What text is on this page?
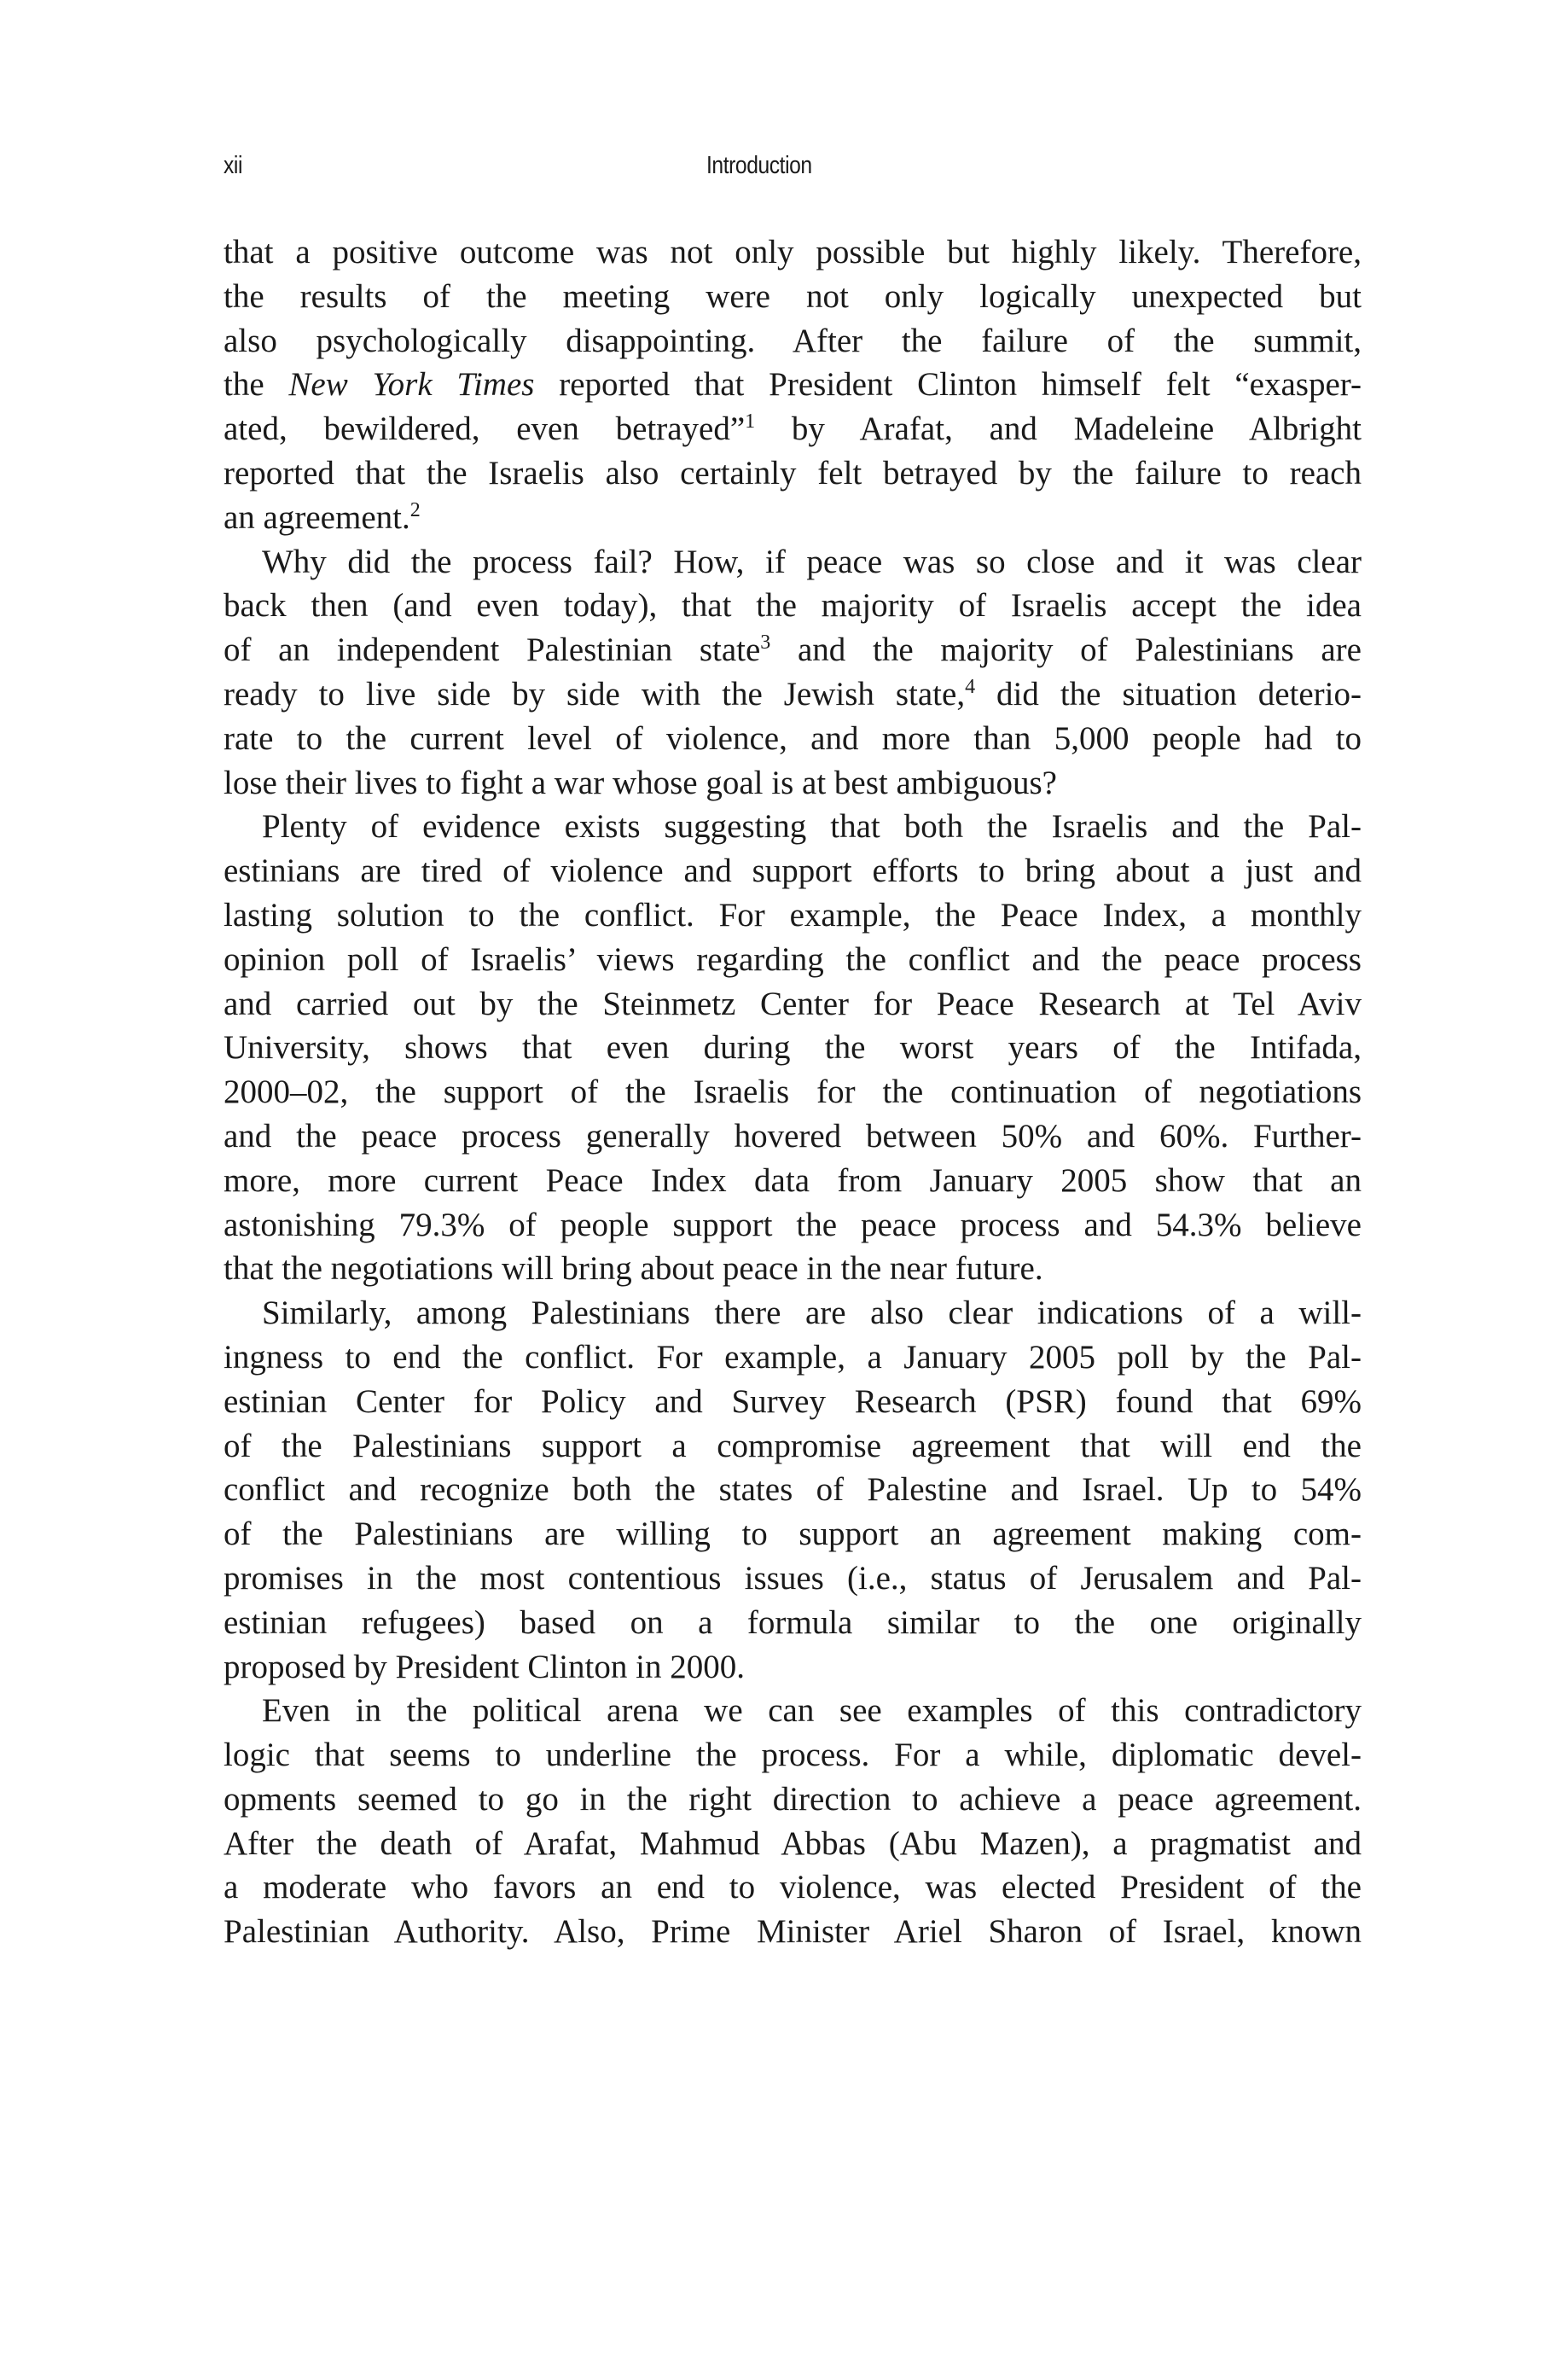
xii	Introduction
that a positive outcome was not only possible but highly likely. Therefore,
the results of the meeting were not only logically unexpected but
also psychologically disappointing. After the failure of the summit,
the New York Times reported that President Clinton himself felt “exasper-
ated, bewildered, even betrayed”$^1$ by Arafat, and Madeleine Albright
reported that the Israelis also certainly felt betrayed by the failure to reach
an agreement.$^2$
Why did the process fail? How, if peace was so close and it was clear
back then (and even today), that the majority of Israelis accept the idea
of an independent Palestinian state$^3$ and the majority of Palestinians are
ready to live side by side with the Jewish state,$^4$ did the situation deterio-
rate to the current level of violence, and more than 5,000 people had to
lose their lives to fight a war whose goal is at best ambiguous?
Plenty of evidence exists suggesting that both the Israelis and the Pal-
estinians are tired of violence and support efforts to bring about a just and
lasting solution to the conflict. For example, the Peace Index, a monthly
opinion poll of Israelis’ views regarding the conflict and the peace process
and carried out by the Steinmetz Center for Peace Research at Tel Aviv
University, shows that even during the worst years of the Intifada,
2000–02, the support of the Israelis for the continuation of negotiations
and the peace process generally hovered between 50% and 60%. Further-
more, more current Peace Index data from January 2005 show that an
astonishing 79.3% of people support the peace process and 54.3% believe
that the negotiations will bring about peace in the near future.
Similarly, among Palestinians there are also clear indications of a will-
ingness to end the conflict. For example, a January 2005 poll by the Pal-
estinian Center for Policy and Survey Research (PSR) found that 69%
of the Palestinians support a compromise agreement that will end the
conflict and recognize both the states of Palestine and Israel. Up to 54%
of the Palestinians are willing to support an agreement making com-
promises in the most contentious issues (i.e., status of Jerusalem and Pal-
estinian refugees) based on a formula similar to the one originally
proposed by President Clinton in 2000.
Even in the political arena we can see examples of this contradictory
logic that seems to underline the process. For a while, diplomatic devel-
opments seemed to go in the right direction to achieve a peace agreement.
After the death of Arafat, Mahmud Abbas (Abu Mazen), a pragmatist and
a moderate who favors an end to violence, was elected President of the
Palestinian Authority. Also, Prime Minister Ariel Sharon of Israel, known
